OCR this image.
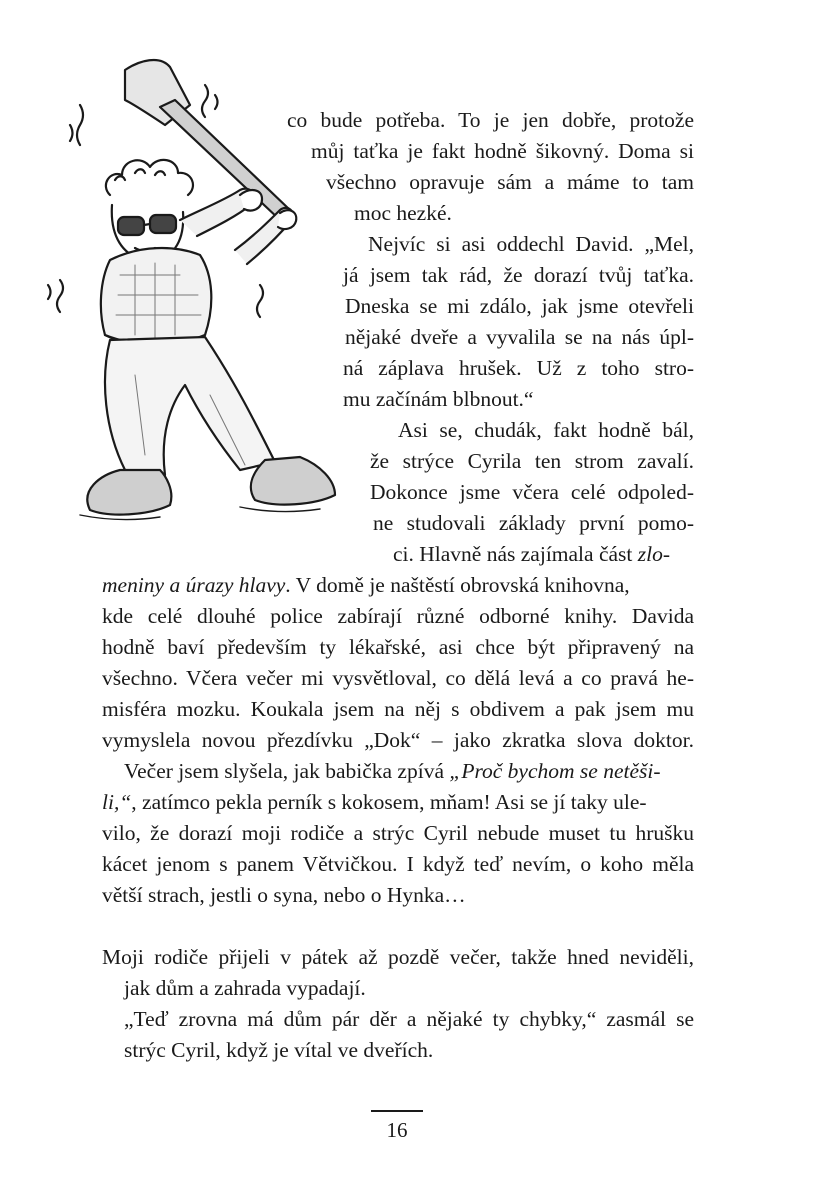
co bude potřeba. To je jen dobře, protože
můj taťka je fakt hodně šikovný. Doma si
všechno opravuje sám a máme to tam
moc hezké.
Nejvíc si asi oddechl David. „Mel,
já jsem tak rád, že dorazí tvůj taťka.
Dneska se mi zdálo, jak jsme otevřeli
nějaké dveře a vyvalila se na nás úpl-
ná záplava hrušek. Už z toho stro-
mu začínám blbnout.“
Asi se, chudák, fakt hodně bál,
že strýce Cyrila ten strom zavalí.
Dokonce jsme včera celé odpoled-
ne studovali základy první pomo-
ci. Hlavně nás zajímala část zlo-
meniny a úrazy hlavy. V domě je naštěstí obrovská knihovna,
kde celé dlouhé police zabírají různé odborné knihy. Davida
hodně baví především ty lékařské, asi chce být připravený na
všechno. Včera večer mi vysvětloval, co dělá levá a co pravá he-
misféra mozku. Koukala jsem na něj s obdivem a pak jsem mu
vymyslela novou přezdívku „Dok“ – jako zkratka slova doktor.
Večer jsem slyšela, jak babička zpívá „Proč bychom se netěši-
li,“, zatímco pekla perník s kokosem, mňam! Asi se jí taky ule-
vilo, že dorazí moji rodiče a strýc Cyril nebude muset tu hrušku
kácet jenom s panem Větvičkou. I když teď nevím, o koho měla
větší strach, jestli o syna, nebo o Hynka…
Moji rodiče přijeli v pátek až pozdě večer, takže hned neviděli,
jak dům a zahrada vypadají.
„Teď zrovna má dům pár děr a nějaké ty chybky,“ zasmál se
strýc Cyril, když je vítal ve dveřích.
16
